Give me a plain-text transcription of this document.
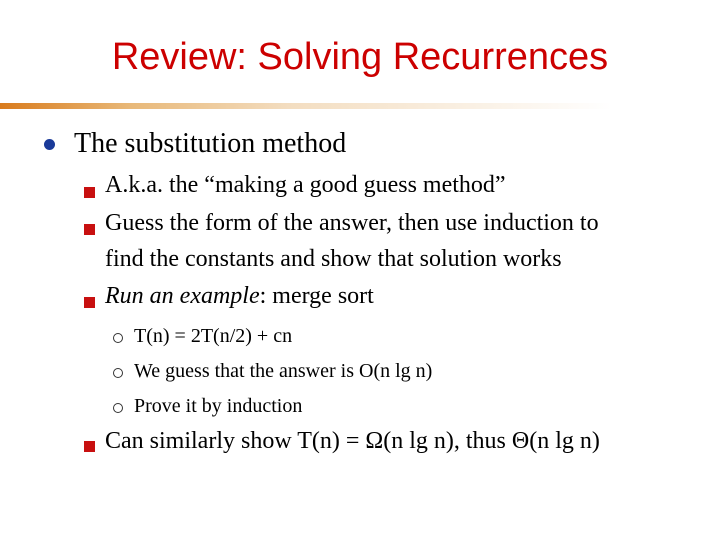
Review: Solving Recurrences
The substitution method
A.k.a. the “making a good guess method”
Guess the form of the answer, then use induction to
find the constants and show that solution works
Run an example: merge sort
T(n) = 2T(n/2) + cn
We guess that the answer is O(n lg n)
Prove it by induction
Can similarly show T(n) = Ω(n lg n), thus Θ(n lg n)
